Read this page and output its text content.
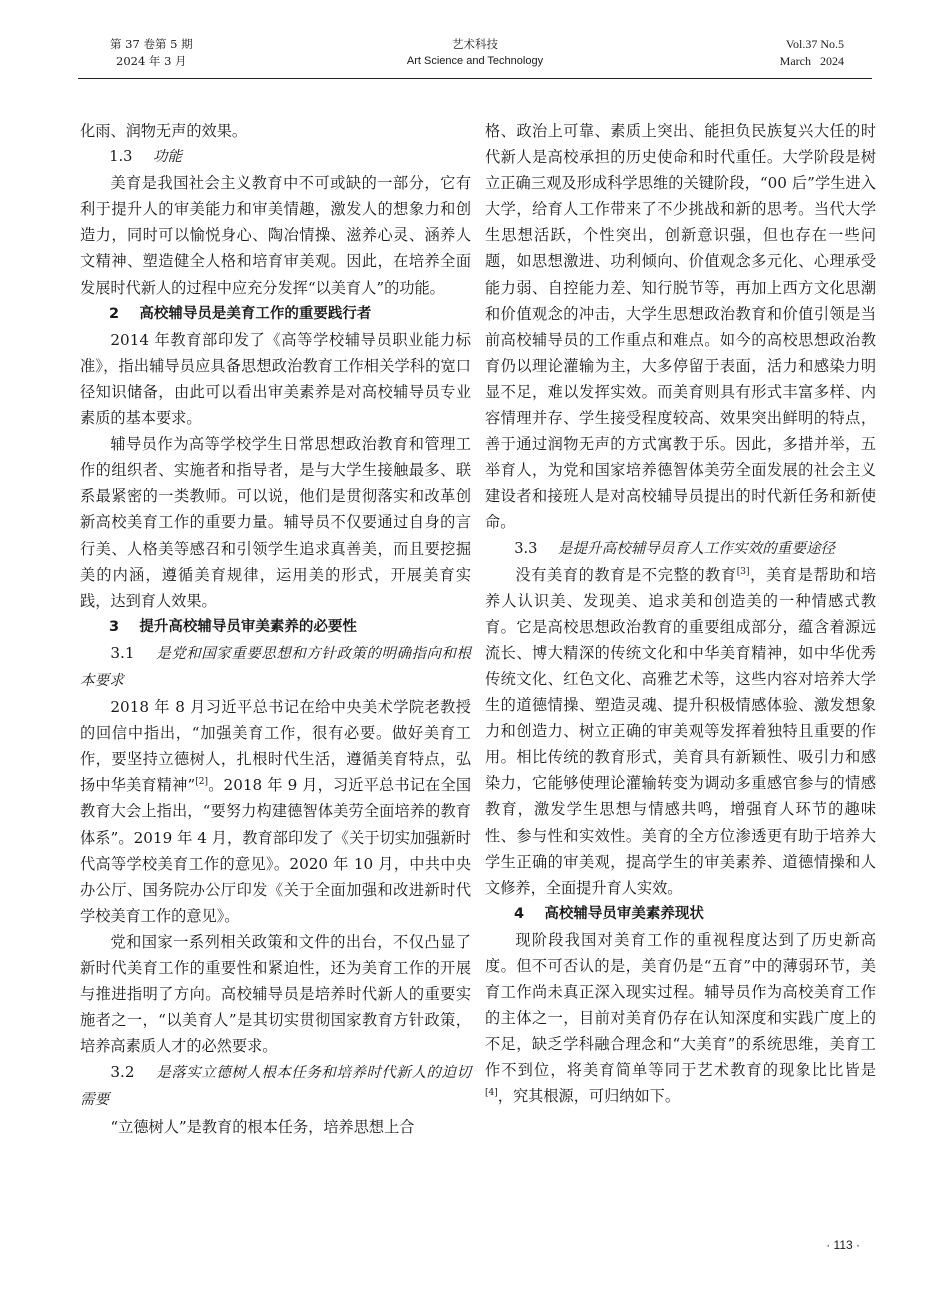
第 37 卷第 5 期
2024 年 3 月
艺术科技
Art Science and Technology
Vol.37 No.5
March   2024

化雨、润物无声的效果。

1.3 功能

美育是我国社会主义教育中不可或缺的一部分，它有利于提升人的审美能力和审美情趣，激发人的想象力和创造力，同时可以愉悦身心、陶冶情操、滋养心灵、涵养人文精神、塑造健全人格和培育审美观。因此，在培养全面发展时代新人的过程中应充分发挥“以美育人”的功能。

2 高校辅导员是美育工作的重要践行者

2014 年教育部印发了《高等学校辅导员职业能力标准》，指出辅导员应具备思想政治教育工作相关学科的宽口径知识储备，由此可以看出审美素养是对高校辅导员专业素质的基本要求。

辅导员作为高等学校学生日常思想政治教育和管理工作的组织者、实施者和指导者，是与大学生接触最多、联系最紧密的一类教师。可以说，他们是贯彻落实和改革创新高校美育工作的重要力量。辅导员不仅要通过自身的言行美、人格美等感召和引领学生追求真善美，而且要挖掘美的内涵，遵循美育规律，运用美的形式，开展美育实践，达到育人效果。

3 提升高校辅导员审美素养的必要性

3.1 是党和国家重要思想和方针政策的明确指向和根本要求

2018 年 8 月习近平总书记在给中央美术学院老教授的回信中指出，“加强美育工作，很有必要。做好美育工作，要坚持立德树人，扎根时代生活，遵循美育特点，弘扬中华美育精神”[2]。2018 年 9 月，习近平总书记在全国教育大会上指出，“要努力构建德智体美劳全面培养的教育体系”。2019 年 4 月，教育部印发了《关于切实加强新时代高等学校美育工作的意见》。2020 年 10 月，中共中央办公厅、国务院办公厅印发《关于全面加强和改进新时代学校美育工作的意见》。

党和国家一系列相关政策和文件的出台，不仅凸显了新时代美育工作的重要性和紧迫性，还为美育工作的开展与推进指明了方向。高校辅导员是培养时代新人的重要实施者之一，“以美育人”是其切实贯彻国家教育方针政策，培养高素质人才的必然要求。

3.2 是落实立德树人根本任务和培养时代新人的迫切需要

“立德树人”是教育的根本任务，培养思想上合

格、政治上可靠、素质上突出、能担负民族复兴大任的时代新人是高校承担的历史使命和时代重任。大学阶段是树立正确三观及形成科学思维的关键阶段，“00 后”学生进入大学，给育人工作带来了不少挑战和新的思考。当代大学生思想活跃，个性突出，创新意识强，但也存在一些问题，如思想激进、功利倾向、价值观念多元化、心理承受能力弱、自控能力差、知行脱节等，再加上西方文化思潮和价值观念的冲击，大学生思想政治教育和价值引领是当前高校辅导员的工作重点和难点。如今的高校思想政治教育仍以理论灌输为主，大多停留于表面，活力和感染力明显不足，难以发挥实效。而美育则具有形式丰富多样、内容情理并存、学生接受程度较高、效果突出鲜明的特点，善于通过润物无声的方式寓教于乐。因此，多措并举，五举育人，为党和国家培养德智体美劳全面发展的社会主义建设者和接班人是对高校辅导员提出的时代新任务和新使命。

3.3 是提升高校辅导员育人工作实效的重要途径

没有美育的教育是不完整的教育[3]，美育是帮助和培养人认识美、发现美、追求美和创造美的一种情感式教育。它是高校思想政治教育的重要组成部分，蕴含着源远流长、博大精深的传统文化和中华美育精神，如中华优秀传统文化、红色文化、高雅艺术等，这些内容对培养大学生的道德情操、塑造灵魂、提升积极情感体验、激发想象力和创造力、树立正确的审美观等发挥着独特且重要的作用。相比传统的教育形式，美育具有新颖性、吸引力和感染力，它能够使理论灌输转变为调动多重感官参与的情感教育，激发学生思想与情感共鸣，增强育人环节的趣味性、参与性和实效性。美育的全方位渗透更有助于培养大学生正确的审美观，提高学生的审美素养、道德情操和人文修养，全面提升育人实效。

4 高校辅导员审美素养现状

现阶段我国对美育工作的重视程度达到了历史新高度。但不可否认的是，美育仍是“五育”中的薄弱环节，美育工作尚未真正深入现实过程。辅导员作为高校美育工作的主体之一，目前对美育仍存在认知深度和实践广度上的不足，缺乏学科融合理念和“大美育”的系统思维，美育工作不到位，将美育简单等同于艺术教育的现象比比皆是[4]，究其根源，可归纳如下。

· 113 ·
